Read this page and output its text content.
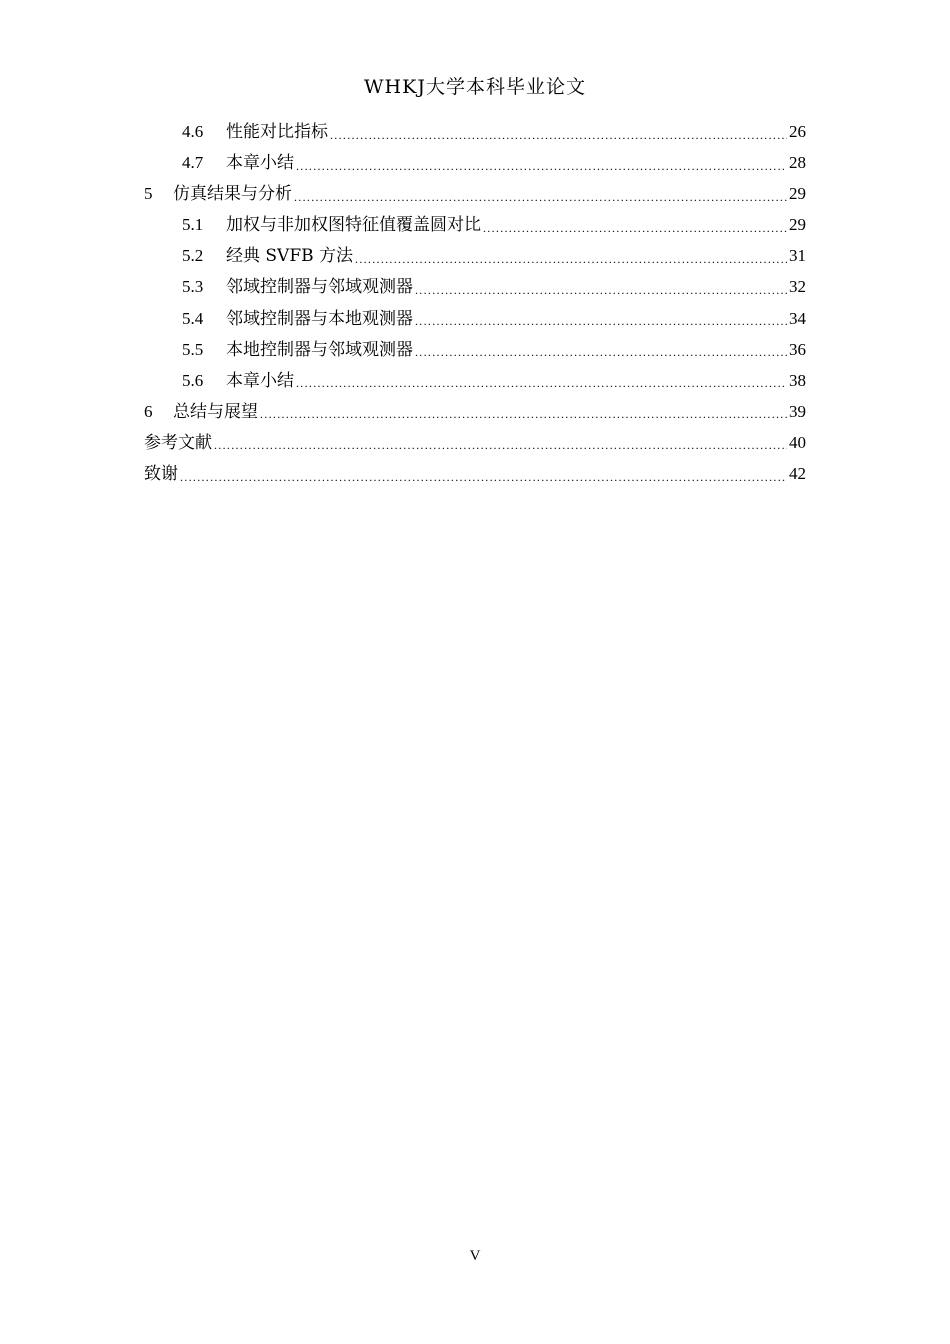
WHKJ大学本科毕业论文
4.6	性能对比指标 .....	26
4.7	本章小结 .....	28
5	仿真结果与分析 .....	29
5.1	加权与非加权图特征值覆盖圆对比 .....	29
5.2	经典 SVFB 方法 .....	31
5.3	邻域控制器与邻域观测器 .....	32
5.4	邻域控制器与本地观测器 .....	34
5.5	本地控制器与邻域观测器 .....	36
5.6	本章小结 .....	38
6	总结与展望 .....	39
参考文献 .....	40
致谢 .....	42
V
